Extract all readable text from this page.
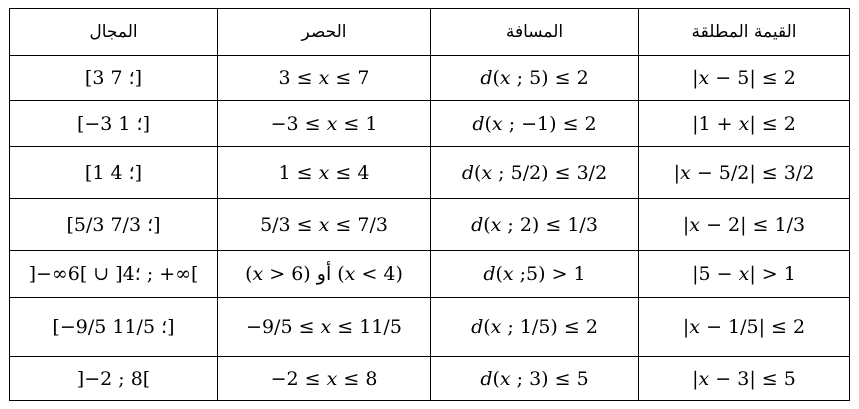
المجال	الحصر	المسافة	القيمة المطلقة
[3 ؛ 7]	3 ≤ 𝑥 ≤ 7	𝑑(𝑥 ; 5) ≤ 2	|𝑥 − 5| ≤ 2
[−3 ؛ 1]	−3 ≤ 𝑥 ≤ 1	𝑑(𝑥 ; −1) ≤ 2	|1 + 𝑥| ≤ 2
[1 ؛ 4]	1 ≤ 𝑥 ≤ 4	𝑑(𝑥 ; 5/2) ≤ 3/2	|𝑥 − 5/2| ≤ 3/2
[5/3 ؛ 7/3]	5/3 ≤ 𝑥 ≤ 7/3	𝑑(𝑥 ; 2) ≤ 1/3	|𝑥 − 2| ≤ 1/3
]−∞؛4[ ∪ ]6 ; +∞[	(𝑥 > 6) أو (𝑥 < 4)	𝑑(𝑥 ;5) > 1	|5 − 𝑥| > 1
[−9/5 ؛ 11/5]	−9/5 ≤ 𝑥 ≤ 11/5	𝑑(𝑥 ; 1/5) ≤ 2	|𝑥 − 1/5| ≤ 2
]−2 ; 8[	−2 ≤ 𝑥 ≤ 8	𝑑(𝑥 ; 3) ≤ 5	|𝑥 − 3| ≤ 5
